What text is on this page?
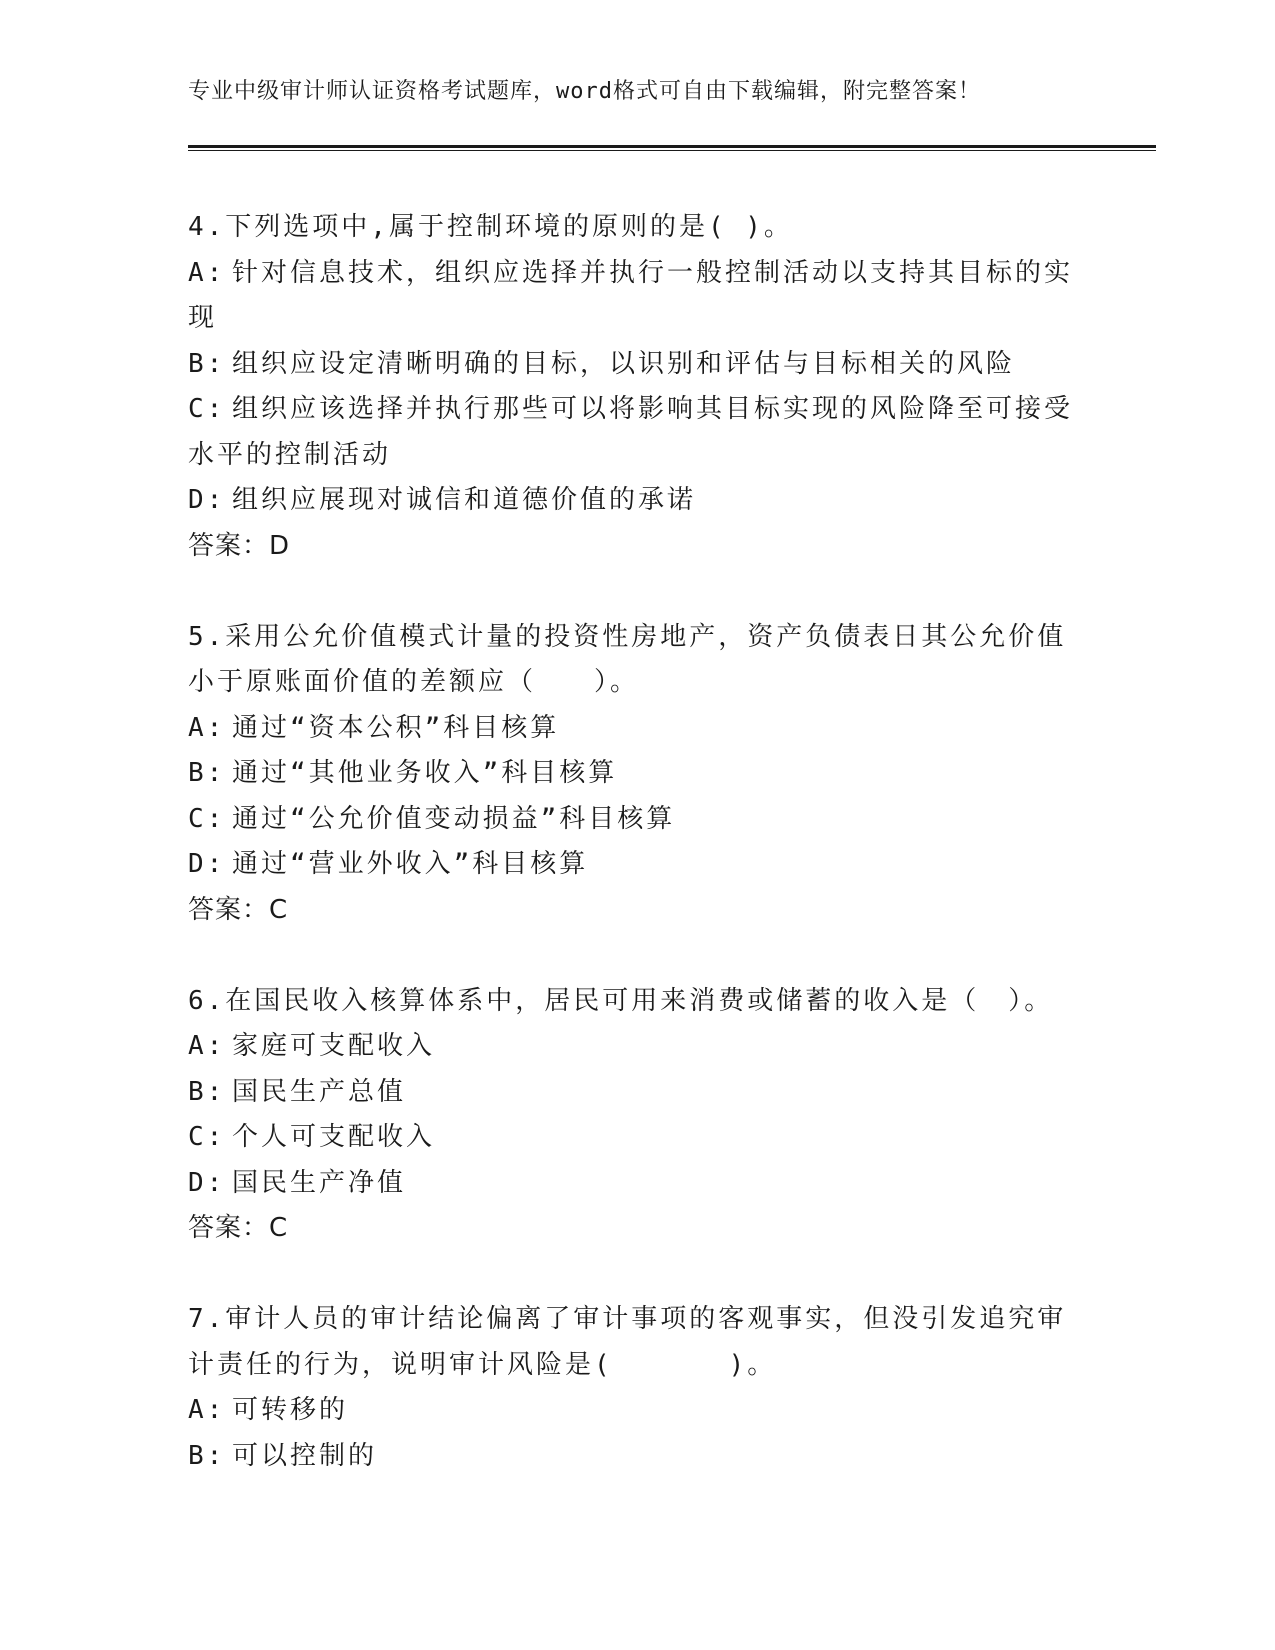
专业中级审计师认证资格考试题库，word格式可自由下载编辑，附完整答案！
4.下列选项中,属于控制环境的原则的是( )。
A: 针对信息技术，组织应选择并执行一般控制活动以支持其目标的实现
B: 组织应设定清晰明确的目标，以识别和评估与目标相关的风险
C: 组织应该选择并执行那些可以将影响其目标实现的风险降至可接受水平的控制活动
D: 组织应展现对诚信和道德价值的承诺
答案：D
5.采用公允价值模式计量的投资性房地产，资产负债表日其公允价值小于原账面价值的差额应（　　）。
A: 通过“资本公积”科目核算
B: 通过“其他业务收入”科目核算
C: 通过“公允价值变动损益”科目核算
D: 通过“营业外收入”科目核算
答案：C
6.在国民收入核算体系中，居民可用来消费或储蓄的收入是（　）。
A: 家庭可支配收入
B: 国民生产总值
C: 个人可支配收入
D: 国民生产净值
答案：C
7.审计人员的审计结论偏离了审计事项的客观事实，但没引发追究审计责任的行为，说明审计风险是(　　　　)。
A: 可转移的
B: 可以控制的
